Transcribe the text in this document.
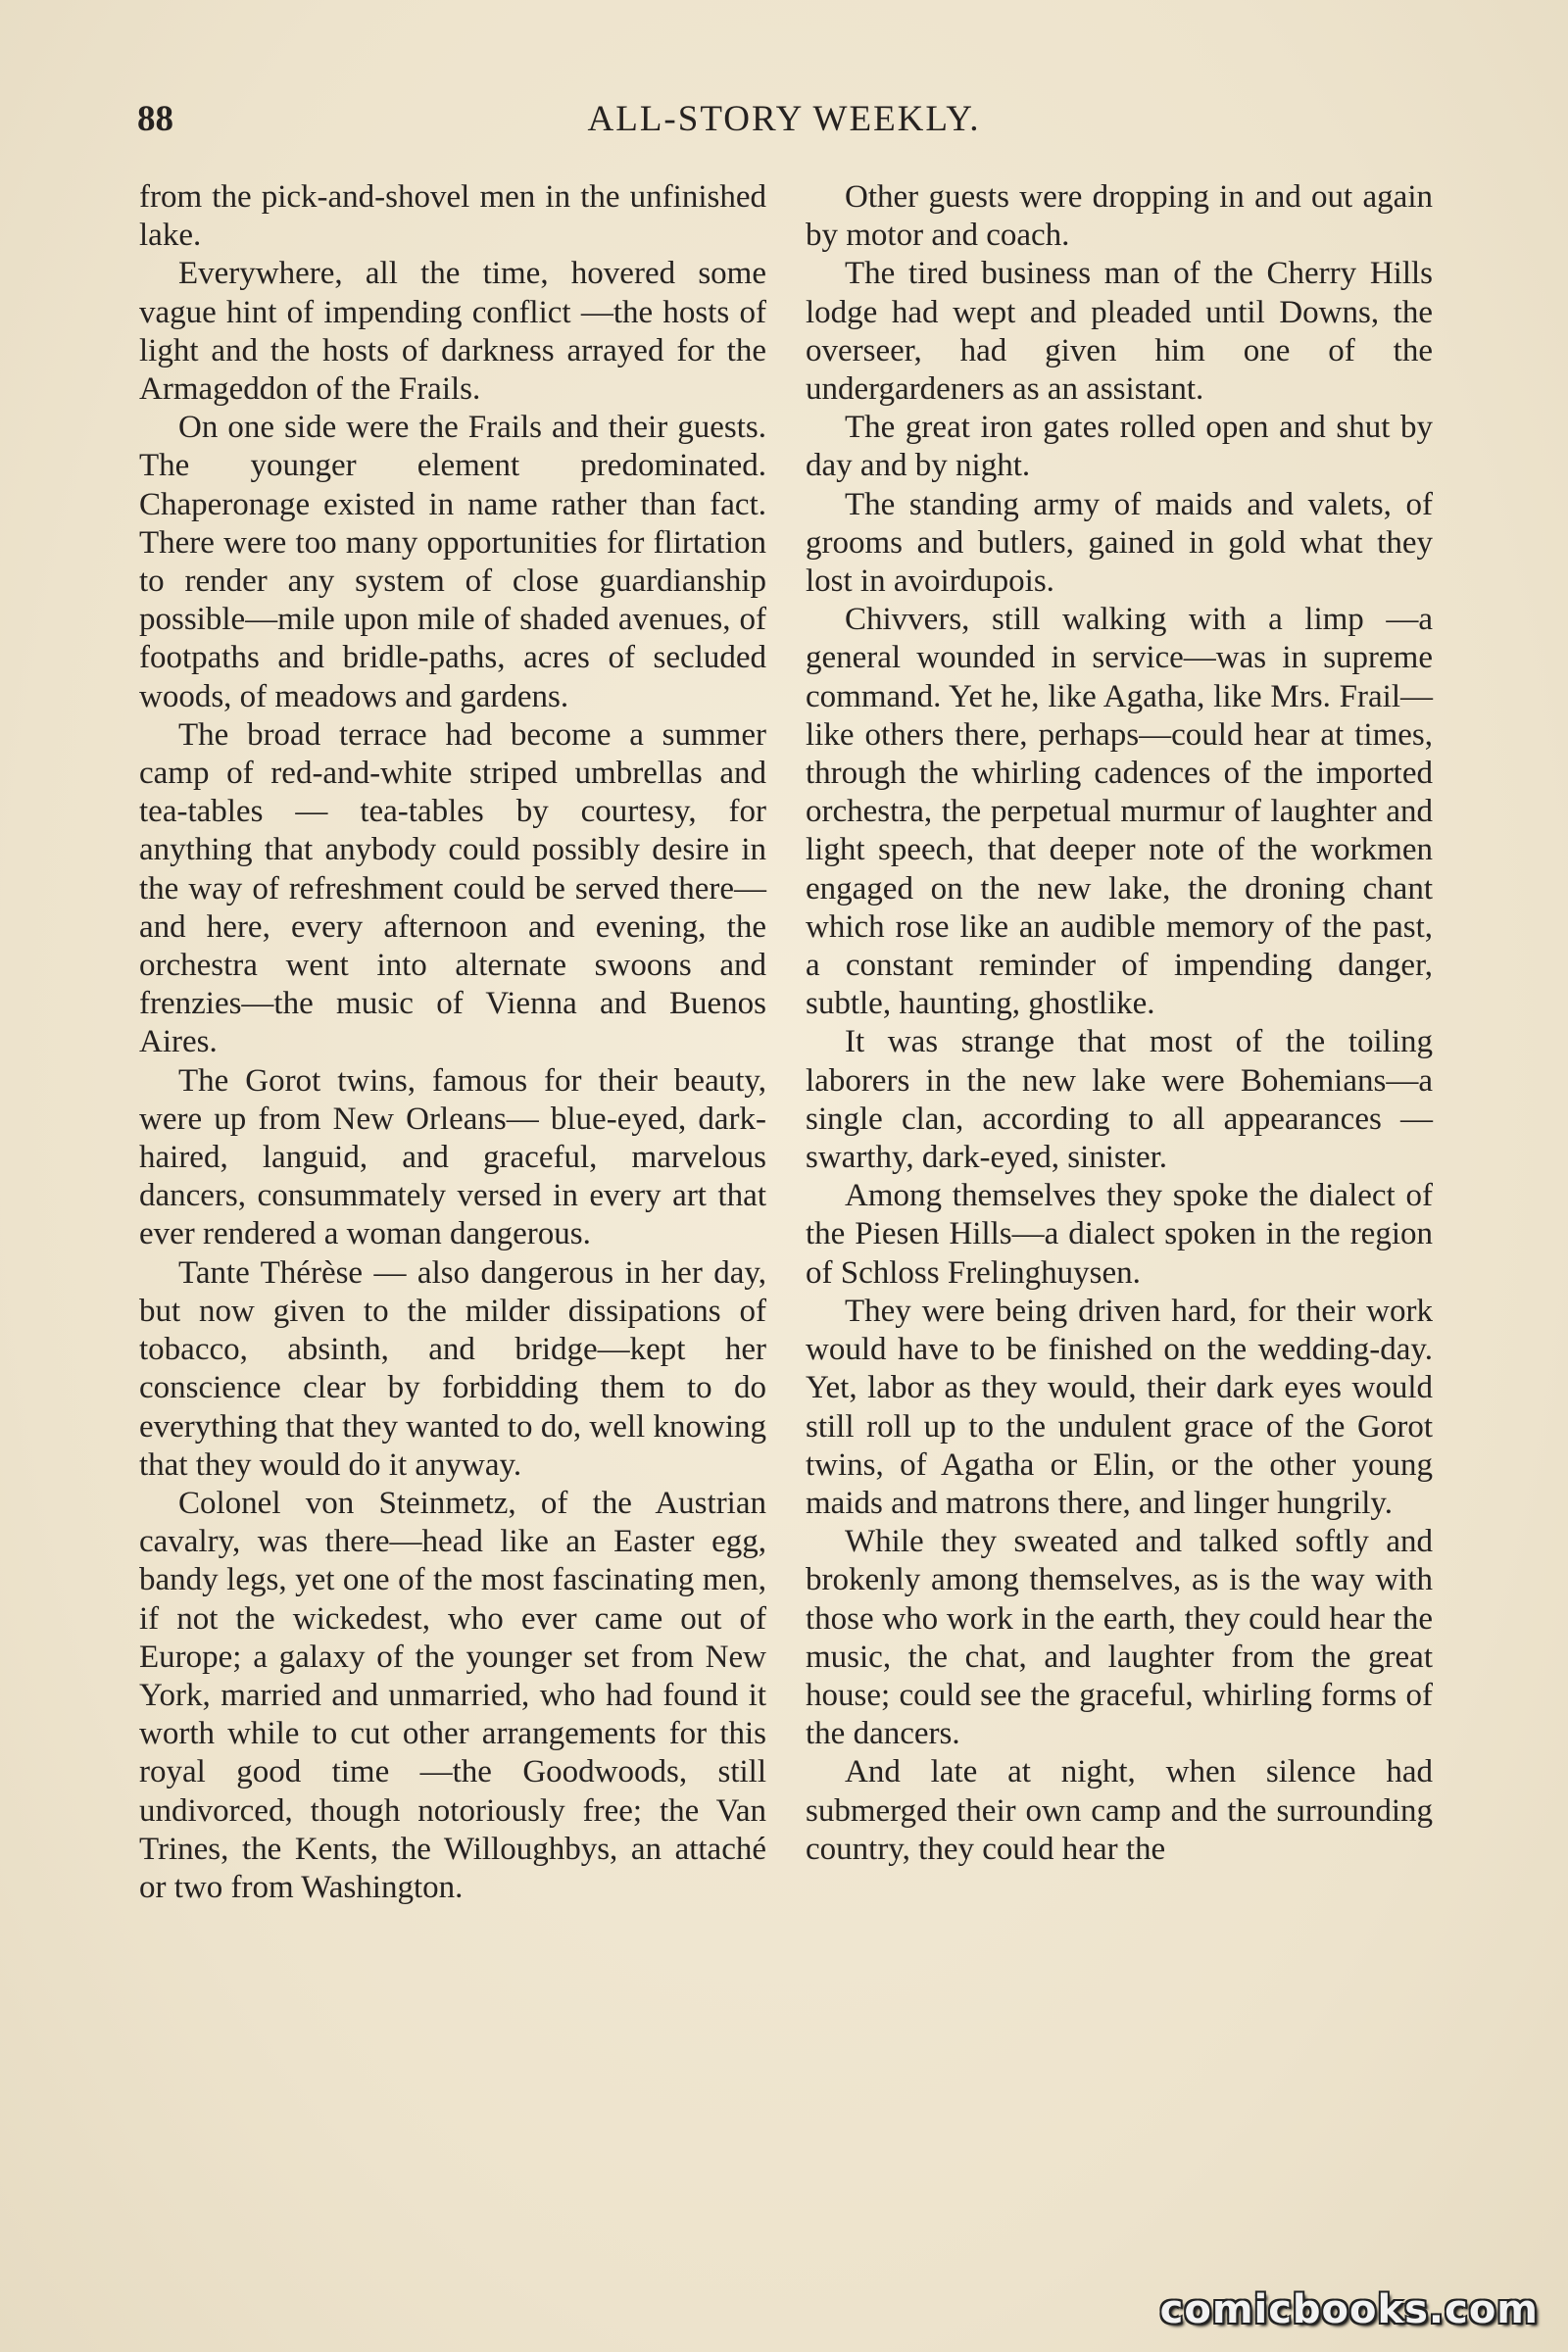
88	ALL-STORY WEEKLY.

from the pick-and-shovel men in the unfinished lake.

Everywhere, all the time, hovered some vague hint of impending conflict —the hosts of light and the hosts of darkness arrayed for the Armageddon of the Frails.

On one side were the Frails and their guests. The younger element predominated. Chaperonage existed in name rather than fact. There were too many opportunities for flirtation to render any system of close guardianship possible—mile upon mile of shaded avenues, of footpaths and bridle-paths, acres of secluded woods, of meadows and gardens.

The broad terrace had become a summer camp of red-and-white striped umbrellas and tea-tables — tea-tables by courtesy, for anything that anybody could possibly desire in the way of refreshment could be served there—and here, every afternoon and evening, the orchestra went into alternate swoons and frenzies—the music of Vienna and Buenos Aires.

The Gorot twins, famous for their beauty, were up from New Orleans— blue-eyed, dark-haired, languid, and graceful, marvelous dancers, consummately versed in every art that ever rendered a woman dangerous.

Tante Thérèse — also dangerous in her day, but now given to the milder dissipations of tobacco, absinth, and bridge—kept her conscience clear by forbidding them to do everything that they wanted to do, well knowing that they would do it anyway.

Colonel von Steinmetz, of the Austrian cavalry, was there—head like an Easter egg, bandy legs, yet one of the most fascinating men, if not the wickedest, who ever came out of Europe; a galaxy of the younger set from New York, married and unmarried, who had found it worth while to cut other arrangements for this royal good time —the Goodwoods, still undivorced, though notoriously free; the Van Trines, the Kents, the Willoughbys, an attaché or two from Washington.

Other guests were dropping in and out again by motor and coach.

The tired business man of the Cherry Hills lodge had wept and pleaded until Downs, the overseer, had given him one of the undergardeners as an assistant.

The great iron gates rolled open and shut by day and by night.

The standing army of maids and valets, of grooms and butlers, gained in gold what they lost in avoirdupois.

Chivvers, still walking with a limp —a general wounded in service—was in supreme command. Yet he, like Agatha, like Mrs. Frail—like others there, perhaps—could hear at times, through the whirling cadences of the imported orchestra, the perpetual murmur of laughter and light speech, that deeper note of the workmen engaged on the new lake, the droning chant which rose like an audible memory of the past, a constant reminder of impending danger, subtle, haunting, ghostlike.

It was strange that most of the toiling laborers in the new lake were Bohemians—a single clan, according to all appearances — swarthy, dark-eyed, sinister.

Among themselves they spoke the dialect of the Piesen Hills—a dialect spoken in the region of Schloss Frelinghuysen.

They were being driven hard, for their work would have to be finished on the wedding-day. Yet, labor as they would, their dark eyes would still roll up to the undulent grace of the Gorot twins, of Agatha or Elin, or the other young maids and matrons there, and linger hungrily.

While they sweated and talked softly and brokenly among themselves, as is the way with those who work in the earth, they could hear the music, the chat, and laughter from the great house; could see the graceful, whirling forms of the dancers.

And late at night, when silence had submerged their own camp and the surrounding country, they could hear the

comicbooks.com
